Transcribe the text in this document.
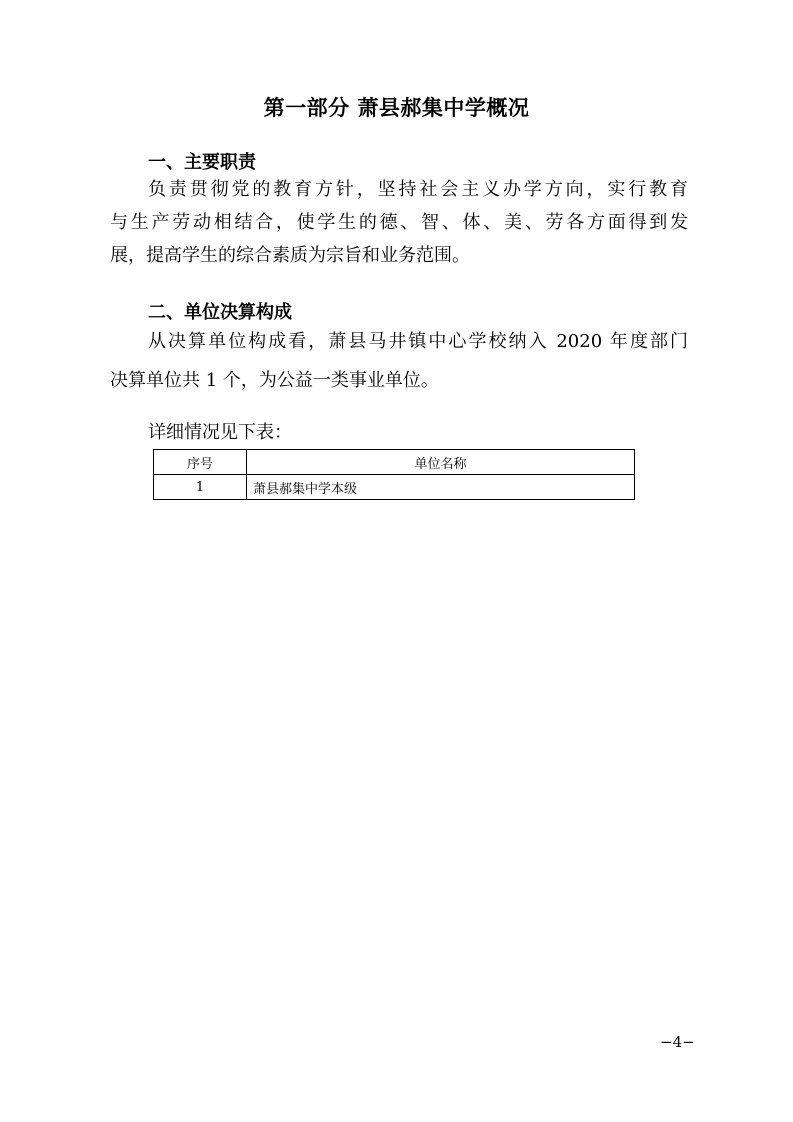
第一部分 萧县郝集中学概况
一、主要职责
负责贯彻党的教育方针，坚持社会主义办学方向，实行教育
与生产劳动相结合，使学生的德、智、体、美、劳各方面得到发
展，提高学生的综合素质为宗旨和业务范围。
二、单位决算构成
从决算单位构成看，萧县马井镇中心学校纳入 2020 年度部门
决算单位共 1 个，为公益一类事业单位。
详细情况见下表：
序号	单位名称
1	萧县郝集中学本级
−4−
